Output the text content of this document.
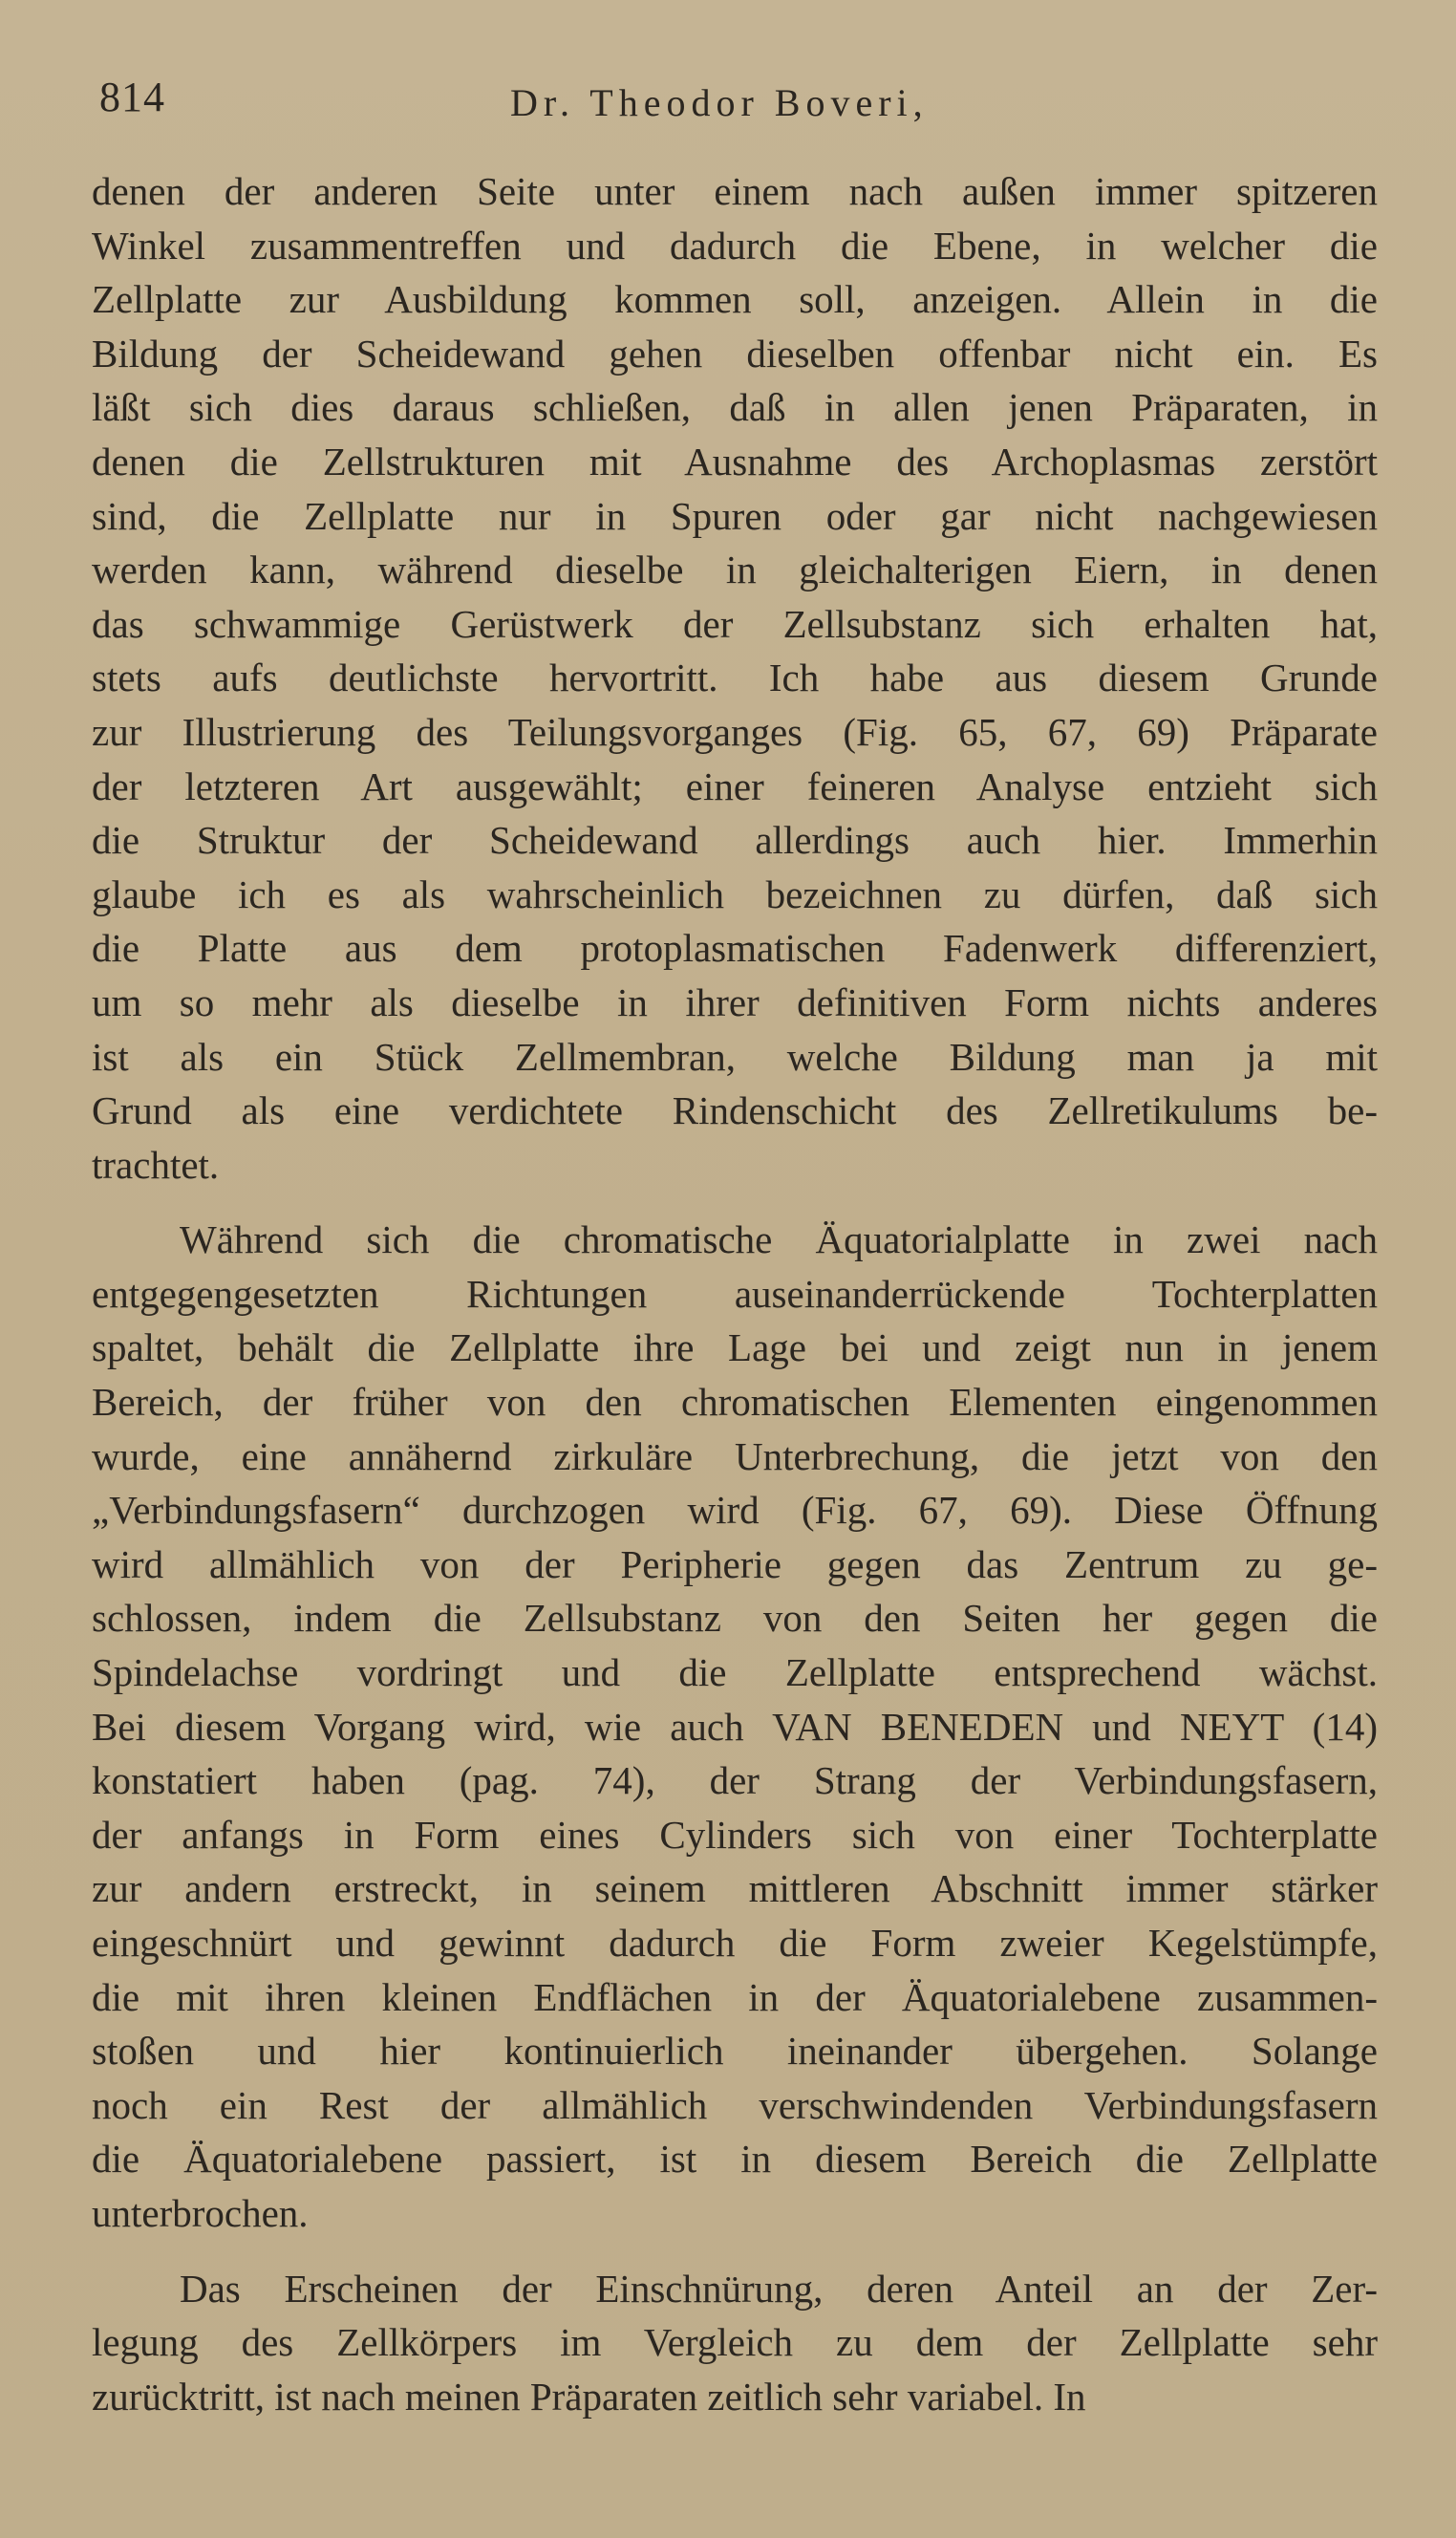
814	Dr. Theodor Boveri,
denen der anderen Seite unter einem nach außen immer spitzeren
Winkel zusammentreffen und dadurch die Ebene, in welcher die
Zellplatte zur Ausbildung kommen soll, anzeigen. Allein in die
Bildung der Scheidewand gehen dieselben offenbar nicht ein. Es
läßt sich dies daraus schließen, daß in allen jenen Präparaten, in
denen die Zellstrukturen mit Ausnahme des Archoplasmas zerstört
sind, die Zellplatte nur in Spuren oder gar nicht nachgewiesen
werden kann, während dieselbe in gleichalterigen Eiern, in denen
das schwammige Gerüstwerk der Zellsubstanz sich erhalten hat,
stets aufs deutlichste hervortritt. Ich habe aus diesem Grunde
zur Illustrierung des Teilungsvorganges (Fig. 65, 67, 69) Präparate
der letzteren Art ausgewählt; einer feineren Analyse entzieht sich
die Struktur der Scheidewand allerdings auch hier. Immerhin
glaube ich es als wahrscheinlich bezeichnen zu dürfen, daß sich
die Platte aus dem protoplasmatischen Fadenwerk differenziert,
um so mehr als dieselbe in ihrer definitiven Form nichts anderes
ist als ein Stück Zellmembran, welche Bildung man ja mit
Grund als eine verdichtete Rindenschicht des Zellretikulums be-
trachtet.
Während sich die chromatische Äquatorialplatte in zwei nach
entgegengesetzten Richtungen auseinanderrückende Tochterplatten
spaltet, behält die Zellplatte ihre Lage bei und zeigt nun in jenem
Bereich, der früher von den chromatischen Elementen eingenommen
wurde, eine annähernd zirkuläre Unterbrechung, die jetzt von den
„Verbindungsfasern“ durchzogen wird (Fig. 67, 69). Diese Öffnung
wird allmählich von der Peripherie gegen das Zentrum zu ge-
schlossen, indem die Zellsubstanz von den Seiten her gegen die
Spindelachse vordringt und die Zellplatte entsprechend wächst.
Bei diesem Vorgang wird, wie auch VAN BENEDEN und NEYT (14)
konstatiert haben (pag. 74), der Strang der Verbindungsfasern,
der anfangs in Form eines Cylinders sich von einer Tochterplatte
zur andern erstreckt, in seinem mittleren Abschnitt immer stärker
eingeschnürt und gewinnt dadurch die Form zweier Kegelstümpfe,
die mit ihren kleinen Endflächen in der Äquatorialebene zusammen-
stoßen und hier kontinuierlich ineinander übergehen. Solange
noch ein Rest der allmählich verschwindenden Verbindungsfasern
die Äquatorialebene passiert, ist in diesem Bereich die Zellplatte
unterbrochen.
Das Erscheinen der Einschnürung, deren Anteil an der Zer-
legung des Zellkörpers im Vergleich zu dem der Zellplatte sehr
zurücktritt, ist nach meinen Präparaten zeitlich sehr variabel. In
